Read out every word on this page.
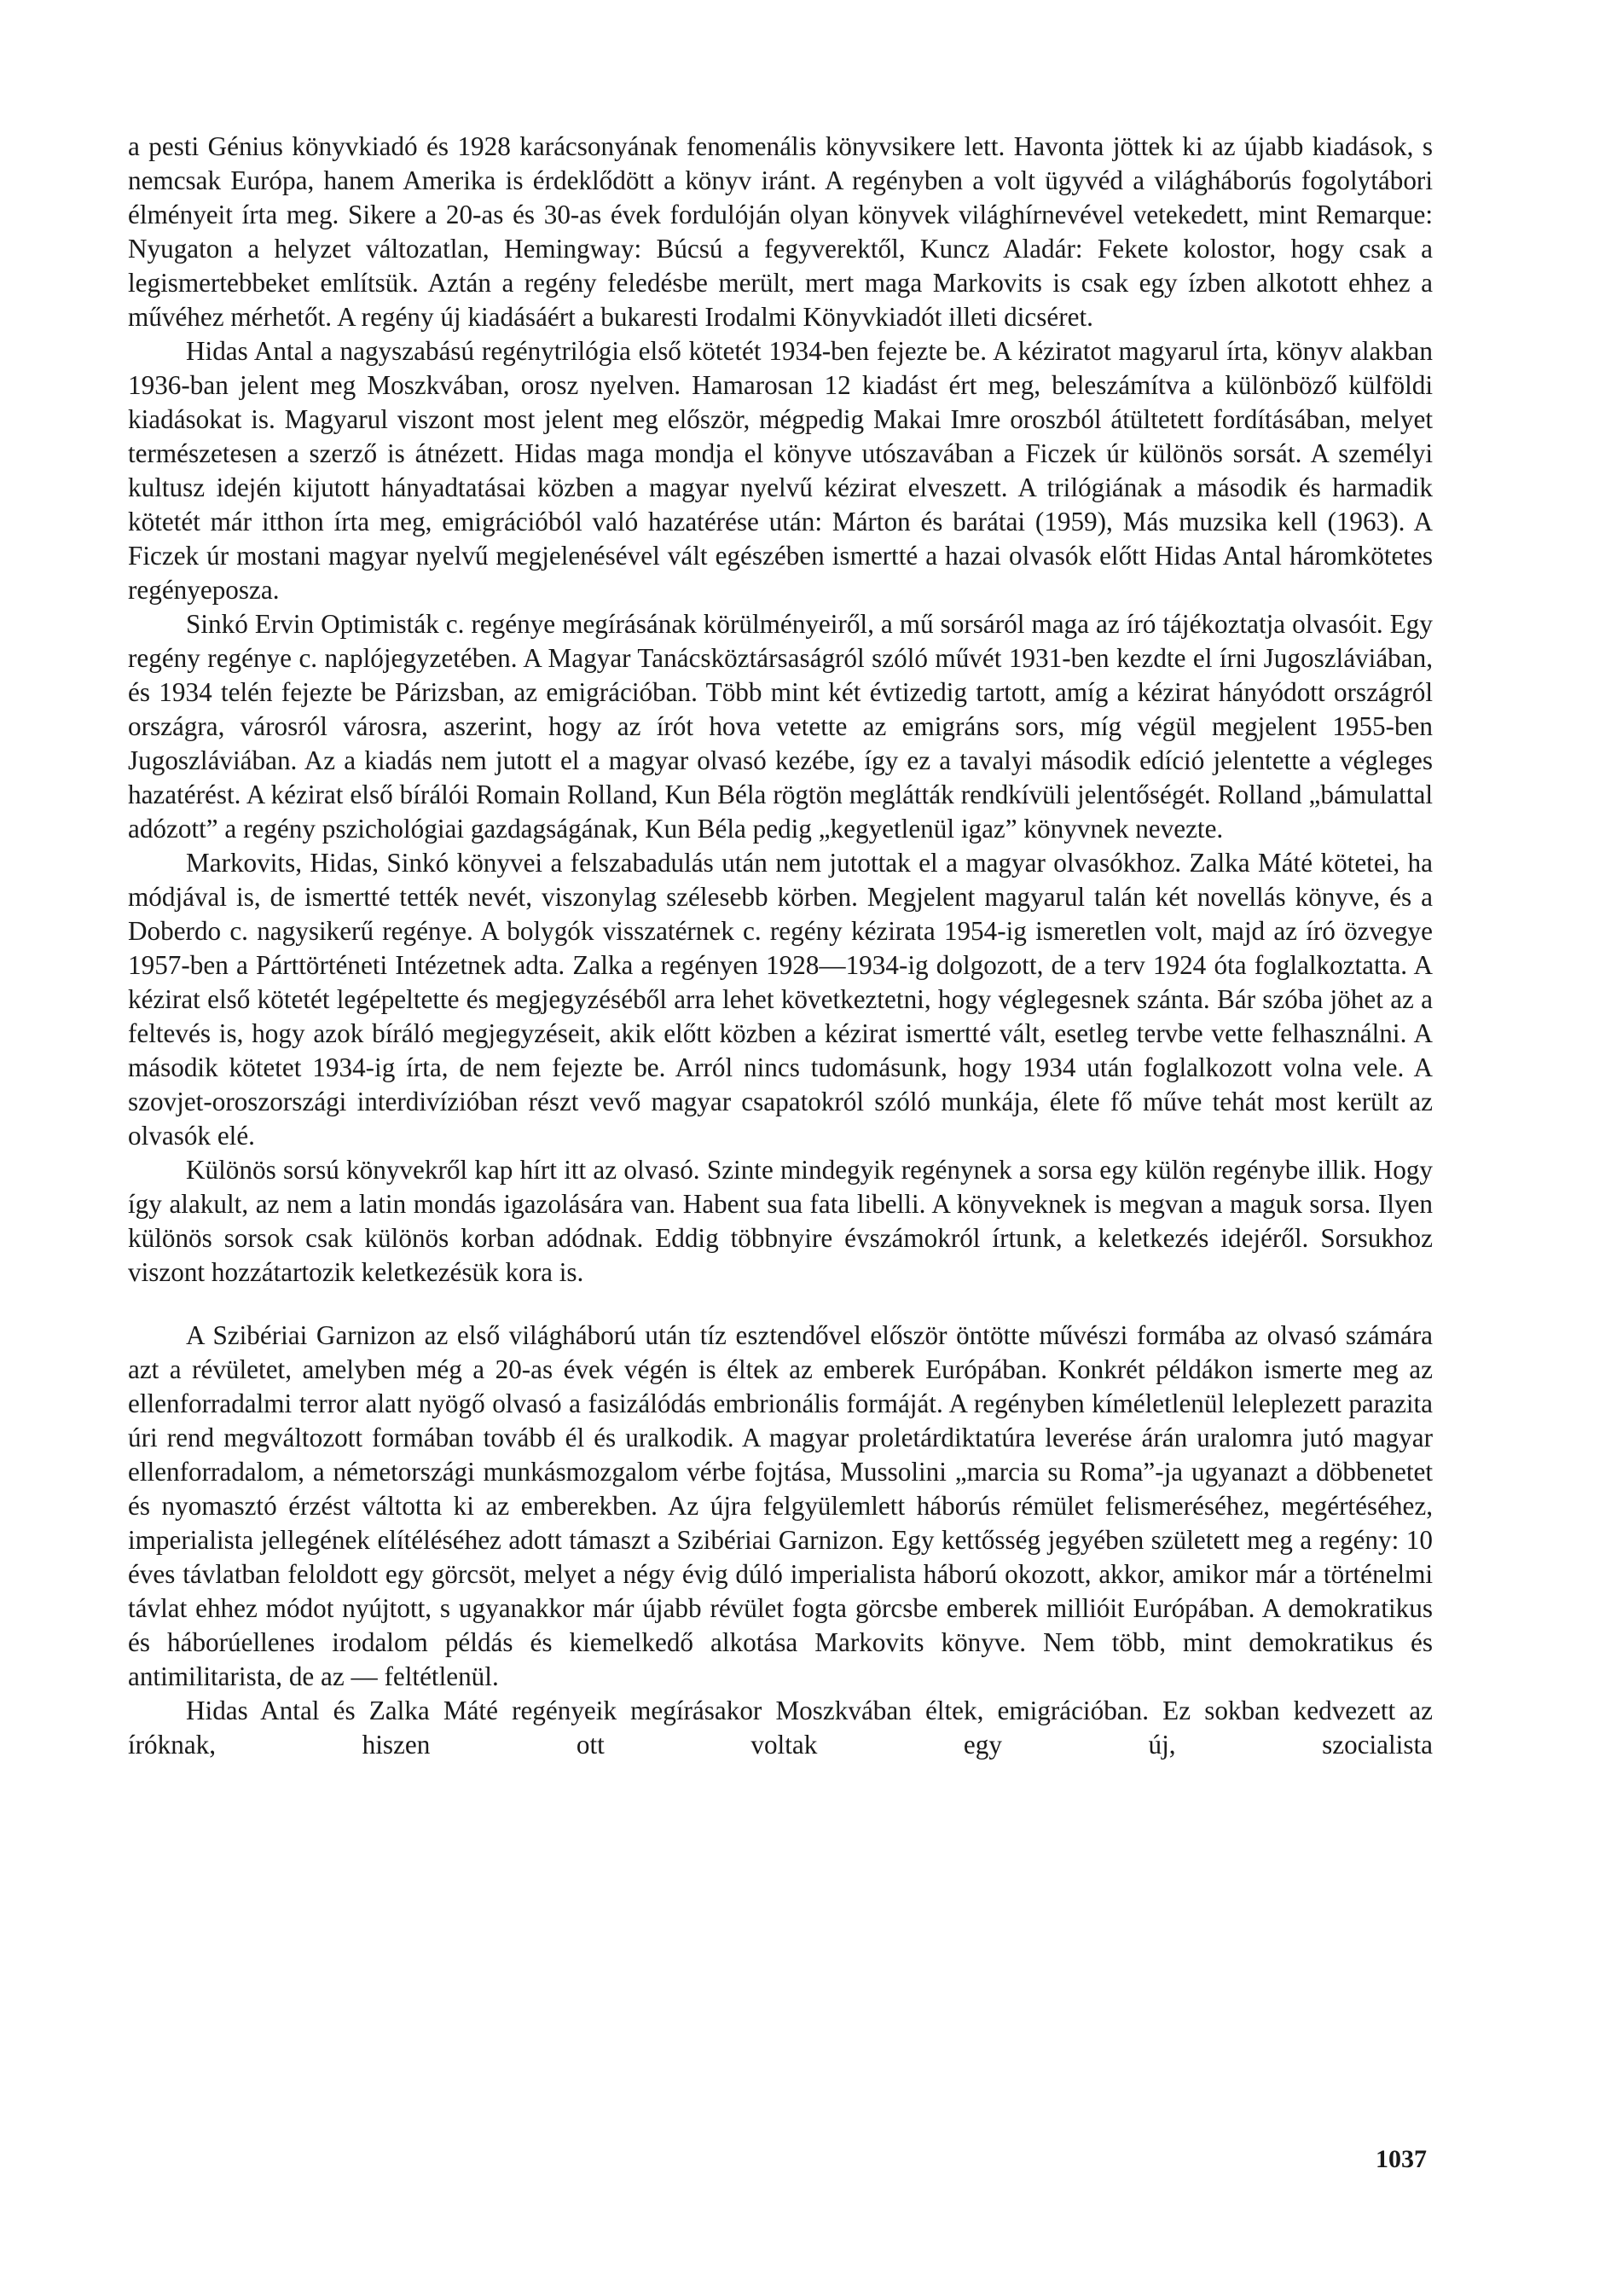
a pesti Génius könyvkiadó és 1928 karácsonyának fenomenális könyvsikere lett. Havonta jöttek ki az újabb kiadások, s nemcsak Európa, hanem Amerika is érdeklődött a könyv iránt. A regényben a volt ügyvéd a világháborús fogolytábori élményeit írta meg. Sikere a 20-as és 30-as évek fordulóján olyan könyvek világhírnevével vetekedett, mint Remarque: Nyugaton a helyzet változatlan, Hemingway: Búcsú a fegyverektől, Kuncz Aladár: Fekete kolostor, hogy csak a legismertebbeket említsük. Aztán a regény feledésbe merült, mert maga Markovits is csak egy ízben alkotott ehhez a művéhez mérhetőt. A regény új kiadásáért a bukaresti Irodalmi Könyvkiadót illeti dicséret.

Hidas Antal a nagyszabású regénytrilógia első kötetét 1934-ben fejezte be. A kéziratot magyarul írta, könyv alakban 1936-ban jelent meg Moszkvában, orosz nyelven. Hamarosan 12 kiadást ért meg, beleszámítva a különböző külföldi kiadásokat is. Magyarul viszont most jelent meg először, mégpedig Makai Imre oroszból átültetett fordításában, melyet természetesen a szerző is átnézett. Hidas maga mondja el könyve utószavában a Ficzek úr különös sorsát. A személyi kultusz idején kijutott hányadtatásai közben a magyar nyelvű kézirat elveszett. A trilógiának a második és harmadik kötetét már itthon írta meg, emigrációból való hazatérése után: Márton és barátai (1959), Más muzsika kell (1963). A Ficzek úr mostani magyar nyelvű megjelenésével vált egészében ismertté a hazai olvasók előtt Hidas Antal háromkötetes regényeposza.

Sinkó Ervin Optimisták c. regénye megírásának körülményeiről, a mű sorsáról maga az író tájékoztatja olvasóit. Egy regény regénye c. naplójegyzetében. A Magyar Tanácsköztársaságról szóló művét 1931-ben kezdte el írni Jugoszláviában, és 1934 telén fejezte be Párizsban, az emigrációban. Több mint két évtizedig tartott, amíg a kézirat hányódott országról országra, városról városra, aszerint, hogy az írót hova vetette az emigráns sors, míg végül megjelent 1955-ben Jugoszláviában. Az a kiadás nem jutott el a magyar olvasó kezébe, így ez a tavalyi második edíció jelentette a végleges hazatérést. A kézirat első bírálói Romain Rolland, Kun Béla rögtön meglátták rendkívüli jelentőségét. Rolland „bámulattal adózott” a regény pszichológiai gazdagságának, Kun Béla pedig „kegyetlenül igaz” könyvnek nevezte.

Markovits, Hidas, Sinkó könyvei a felszabadulás után nem jutottak el a magyar olvasókhoz. Zalka Máté kötetei, ha módjával is, de ismertté tették nevét, viszonylag szélesebb körben. Megjelent magyarul talán két novellás könyve, és a Doberdo c. nagysikerű regénye. A bolygók visszatérnek c. regény kézirata 1954-ig ismeretlen volt, majd az író özvegye 1957-ben a Párttörténeti Intézetnek adta. Zalka a regényen 1928—1934-ig dolgozott, de a terv 1924 óta foglalkoztatta. A kézirat első kötetét legépeltette és megjegyzéséből arra lehet következtetni, hogy véglegesnek szánta. Bár szóba jöhet az a feltevés is, hogy azok bíráló megjegyzéseit, akik előtt közben a kézirat ismertté vált, esetleg tervbe vette felhasználni. A második kötetet 1934-ig írta, de nem fejezte be. Arról nincs tudomásunk, hogy 1934 után foglalkozott volna vele. A szovjet-oroszországi interdivízióban részt vevő magyar csapatokról szóló munkája, élete fő műve tehát most került az olvasók elé.

Különös sorsú könyvekről kap hírt itt az olvasó. Szinte mindegyik regénynek a sorsa egy külön regénybe illik. Hogy így alakult, az nem a latin mondás igazolására van. Habent sua fata libelli. A könyveknek is megvan a maguk sorsa. Ilyen különös sorsok csak különös korban adódnak. Eddig többnyire évszámokról írtunk, a keletkezés idejéről. Sorsukhoz viszont hozzátartozik keletkezésük kora is.

A Szibériai Garnizon az első világháború után tíz esztendővel először öntötte művészi formába az olvasó számára azt a révületet, amelyben még a 20-as évek végén is éltek az emberek Európában. Konkrét példákon ismerte meg az ellenforradalmi terror alatt nyögő olvasó a fasizálódás embrionális formáját. A regényben kíméletlenül leleplezett parazita úri rend megváltozott formában tovább él és uralkodik. A magyar proletárdiktatúra leverése árán uralomra jutó magyar ellenforradalom, a németországi munkásmozgalom vérbe fojtása, Mussolini „marcia su Roma”-ja ugyanazt a döbbenetet és nyomasztó érzést váltotta ki az emberekben. Az újra felgyülemlett háborús rémület felismeréséhez, megértéséhez, imperialista jellegének elítéléséhez adott támaszt a Szibériai Garnizon. Egy kettősség jegyében született meg a regény: 10 éves távlatban feloldott egy görcsöt, melyet a négy évig dúló imperialista háború okozott, akkor, amikor már a történelmi távlat ehhez módot nyújtott, s ugyanakkor már újabb révület fogta görcsbe emberek millióit Európában. A demokratikus és háborúellenes irodalom példás és kiemelkedő alkotása Markovits könyve. Nem több, mint demokratikus és antimilitarista, de az — feltétlenül.

Hidas Antal és Zalka Máté regényeik megírásakor Moszkvában éltek, emigrációban. Ez sokban kedvezett az íróknak, hiszen ott voltak egy új, szocialista

1037
